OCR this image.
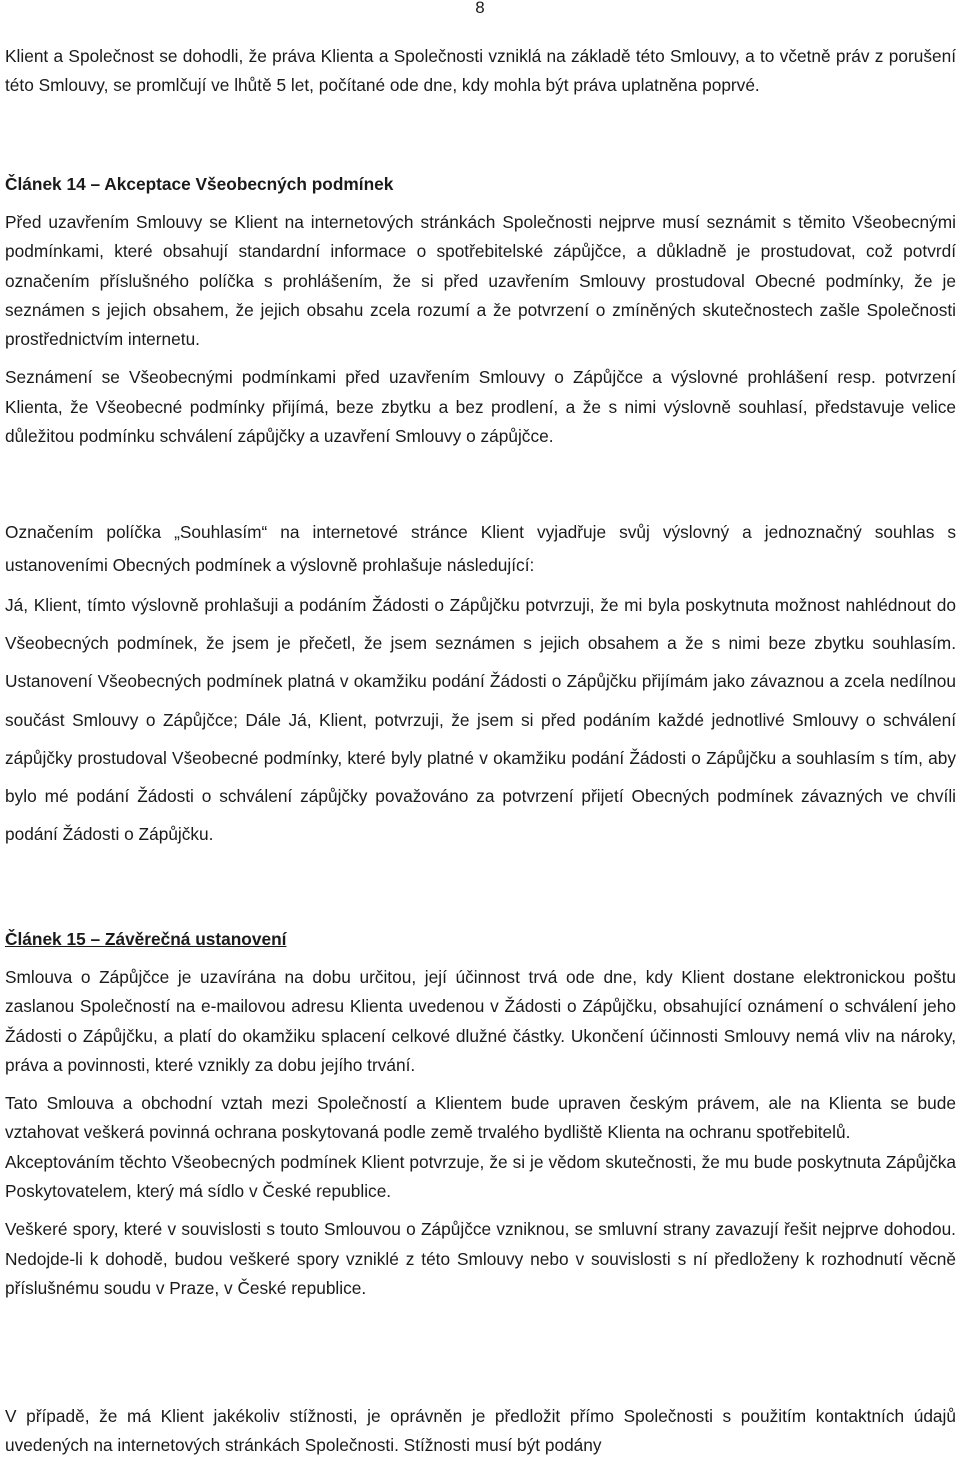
8

Klient a Společnost se dohodli, že práva Klienta a Společnosti vzniklá na základě této Smlouvy, a to včetně práv z porušení této Smlouvy, se promlčují ve lhůtě 5 let, počítané ode dne, kdy mohla být práva uplatněna poprvé.

Článek 14 – Akceptace Všeobecných podmínek

Před uzavřením Smlouvy se Klient na internetových stránkách Společnosti nejprve musí seznámit s těmito Všeobecnými podmínkami, které obsahují standardní informace o spotřebitelské zápůjčce, a důkladně je prostudovat, což potvrdí označením příslušného políčka s prohlášením, že si před uzavřením Smlouvy prostudoval Obecné podmínky, že je seznámen s jejich obsahem, že jejich obsahu zcela rozumí a že potvrzení o zmíněných skutečnostech zašle Společnosti prostřednictvím internetu.

Seznámení se Všeobecnými podmínkami před uzavřením Smlouvy o Zápůjčce a výslovné prohlášení resp. potvrzení Klienta, že Všeobecné podmínky přijímá, beze zbytku a bez prodlení, a že s nimi výslovně souhlasí, představuje velice důležitou podmínku schválení zápůjčky a uzavření Smlouvy o zápůjčce.

Označením políčka „Souhlasím“ na internetové stránce Klient vyjadřuje svůj výslovný a jednoznačný souhlas s ustanoveními Obecných podmínek a výslovně prohlašuje následující:

Já, Klient, tímto výslovně prohlašuji a podáním Žádosti o Zápůjčku potvrzuji, že mi byla poskytnuta možnost nahlédnout do Všeobecných podmínek, že jsem je přečetl, že jsem seznámen s jejich obsahem a že s nimi beze zbytku souhlasím. Ustanovení Všeobecných podmínek platná v okamžiku podání Žádosti o Zápůjčku přijímám jako závaznou a zcela nedílnou součást Smlouvy o Zápůjčce; Dále Já, Klient, potvrzuji, že jsem si před podáním každé jednotlivé Smlouvy o schválení zápůjčky prostudoval Všeobecné podmínky, které byly platné v okamžiku podání Žádosti o Zápůjčku a souhlasím s tím, aby bylo mé podání Žádosti o schválení zápůjčky považováno za potvrzení přijetí Obecných podmínek závazných ve chvíli podání Žádosti o Zápůjčku.

Článek 15 – Závěrečná ustanovení

Smlouva o Zápůjčce je uzavírána na dobu určitou, její účinnost trvá ode dne, kdy Klient dostane elektronickou poštu zaslanou Společností na e-mailovou adresu Klienta uvedenou v Žádosti o Zápůjčku, obsahující oznámení o schválení jeho Žádosti o Zápůjčku, a platí do okamžiku splacení celkové dlužné částky. Ukončení účinnosti Smlouvy nemá vliv na nároky, práva a povinnosti, které vznikly za dobu jejího trvání.

Tato Smlouva a obchodní vztah mezi Společností a Klientem bude upraven českým právem, ale na Klienta se bude vztahovat veškerá povinná ochrana poskytovaná podle země trvalého bydliště Klienta na ochranu spotřebitelů.

Akceptováním těchto Všeobecných podmínek Klient potvrzuje, že si je vědom skutečnosti, že mu bude poskytnuta Zápůjčka Poskytovatelem, který má sídlo v České republice.

Veškeré spory, které v souvislosti s touto Smlouvou o Zápůjčce vzniknou, se smluvní strany zavazují řešit nejprve dohodou. Nedojde-li k dohodě, budou veškeré spory vzniklé z této Smlouvy nebo v souvislosti s ní předloženy k rozhodnutí věcně příslušnému soudu v Praze, v České republice.

V případě, že má Klient jakékoliv stížnosti, je oprávněn je předložit přímo Společnosti s použitím kontaktních údajů uvedených na internetových stránkách Společnosti. Stížnosti musí být podány
